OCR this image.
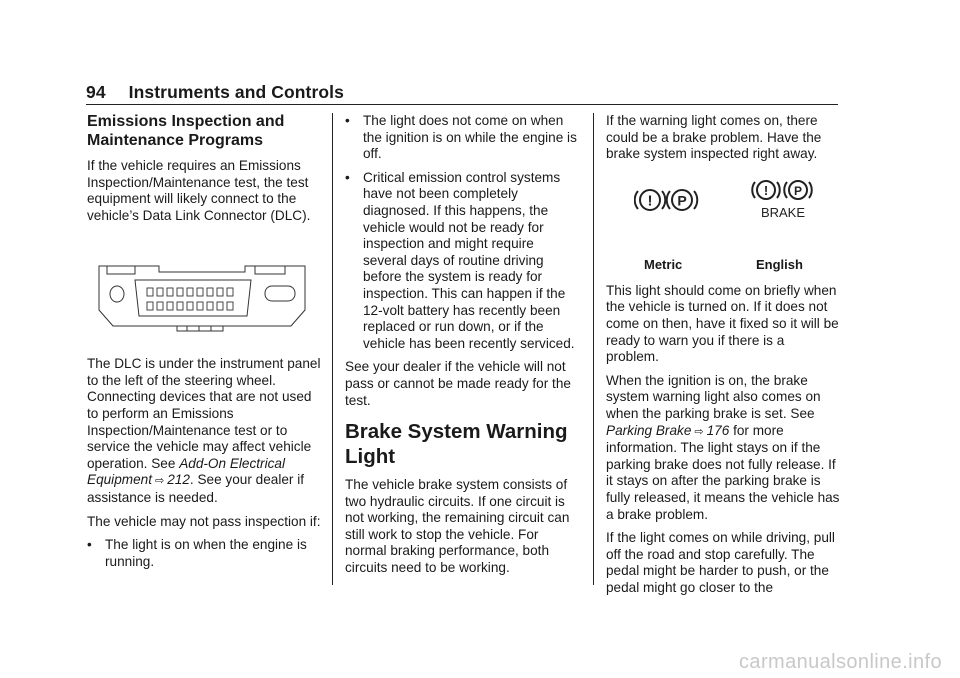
94 Instruments and Controls
Emissions Inspection and Maintenance Programs

If the vehicle requires an Emissions Inspection/Maintenance test, the test equipment will likely connect to the vehicle’s Data Link Connector (DLC).

The DLC is under the instrument panel to the left of the steering wheel. Connecting devices that are not used to perform an Emissions Inspection/Maintenance test or to service the vehicle may affect vehicle operation. See Add-On Electrical Equipment ⇨ 212. See your dealer if assistance is needed.

The vehicle may not pass inspection if:

• The light is on when the engine is running.
• The light does not come on when the ignition is on while the engine is off.
• Critical emission control systems have not been completely diagnosed. If this happens, the vehicle would not be ready for inspection and might require several days of routine driving before the system is ready for inspection. This can happen if the 12-volt battery has recently been replaced or run down, or if the vehicle has been recently serviced.

See your dealer if the vehicle will not pass or cannot be made ready for the test.

Brake System Warning Light

The vehicle brake system consists of two hydraulic circuits. If one circuit is not working, the remaining circuit can still work to stop the vehicle. For normal braking performance, both circuits need to be working.

If the warning light comes on, there could be a brake problem. Have the brake system inspected right away.

! P
! P
BRAKE
Metric	English

This light should come on briefly when the vehicle is turned on. If it does not come on then, have it fixed so it will be ready to warn you if there is a problem.

When the ignition is on, the brake system warning light also comes on when the parking brake is set. See Parking Brake ⇨ 176 for more information. The light stays on if the parking brake does not fully release. If it stays on after the parking brake is fully released, it means the vehicle has a brake problem.

If the light comes on while driving, pull off the road and stop carefully. The pedal might be harder to push, or the pedal might go closer to the

carmanualsonline.info
